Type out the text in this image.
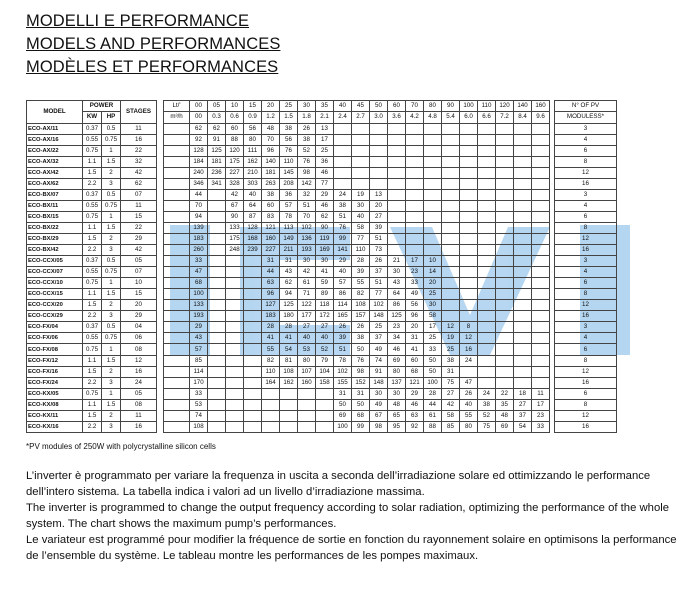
MODELLI E PERFORMANCE
MODELS AND PERFORMANCES
MODÈLES ET PERFORMANCES
MODEL	POWER		STAGES		Lt/'	00	05	10	15	20	25	30	35	40	45	50	60	70	80	90	100	110	120	140	160		N° OF PV
	KW	HP			m³/h	00	0.3	0.6	0.9	1.2	1.5	1.8	2.1	2.4	2.7	3.0	3.6	4.2	4.8	5.4	6.0	6.6	7.2	8.4	9.6		MODULESS*
ECO-AX/11	0.37	0.5	11			62	62	60	56	48	38	26	13														3
ECO-AX/16	0.55	0.75	16			92	91	88	80	70	56	38	17														4
ECO-AX/22	0.75	1	22			128	125	120	111	96	76	52	25														6
ECO-AX/32	1.1	1.5	32			184	181	175	162	140	110	76	36														8
ECO-AX/42	1.5	2	42			240	236	227	210	181	145	98	46														12
ECO-AX/62	2.2	3	62			346	341	328	303	263	208	142	77														16
ECO-BX/07	0.37	0.5	07			44		42	40	38	36	32	29	24	19	13											3
ECO-BX/11	0.55	0.75	11			70		67	64	60	57	51	46	38	30	20											4
ECO-BX/15	0.75	1	15			94		90	87	83	78	70	62	51	40	27											6
ECO-BX/22	1.1	1.5	22			139		133	128	121	113	102	90	76	58	39											8
ECO-BX/29	1.5	2	29			183		175	168	160	149	136	119	99	77	51											12
ECO-BX/42	2.2	3	42			260		248	239	227	211	193	169	141	110	73											16
ECO-CCX/05	0.37	0.5	05			33				31	31	30	30	29	28	26	21	17	10								3
ECO-CCX/07	0.55	0.75	07			47				44	43	42	41	40	39	37	30	23	14								4
ECO-CCX/10	0.75	1	10			68				63	62	61	59	57	55	51	43	33	20								6
ECO-CCX/15	1.1	1.5	15			100				96	94	71	89	86	82	77	64	49	25								8
ECO-CCX/20	1.5	2	20			133				127	125	122	118	114	108	102	86	56	30								12
ECO-CCX/29	2.2	3	29			193				183	180	177	172	165	157	148	125	96	58								16
ECO-FX/04	0.37	0.5	04			29				28	28	27	27	26	26	25	23	20	17	12	8						3
ECO-FX/06	0.55	0.75	06			43				41	41	40	40	39	38	37	34	31	25	19	12						4
ECO-FX/08	0.75	1	08			57				55	54	53	52	51	50	49	46	41	33	25	16						6
ECO-FX/12	1.1	1.5	12			85				82	81	80	79	78	76	74	69	60	50	38	24						8
ECO-FX/16	1.5	2	16			114				110	108	107	104	102	98	91	80	68	50	31							12
ECO-FX/24	2.2	3	24			170				164	162	160	158	155	152	148	137	121	100	75	47						16
ECO-KX/05	0.75	1	05			33								31	31	30	30	29	28	27	26	24	22	18	11		6
ECO-KX/08	1.1	1.5	08			53								50	50	49	48	46	44	42	40	38	35	27	17		8
ECO-KX/11	1.5	2	11			74								69	68	67	65	63	61	58	55	52	48	37	23		12
ECO-KX/16	2.2	3	16			108								100	99	98	95	92	88	85	80	75	69	54	33		16
*PV modules of 250W with polycrystalline silicon cells

L’inverter è programmato per variare la frequenza in uscita a seconda dell’irradiazione solare ed ottimizzando le performance dell’intero sistema. La tabella indica i valori ad un livello d’irradiazione massima.

The inverter is programmed to change the output frequency according to solar radiation, optimizing the performance of the whole system. The chart shows the maximum pump’s performances.

Le variateur est programmé pour modifier la fréquence de sortie en fonction du rayonnement solaire en optimisons la performance de l’ensemble du système. Le tableau montre les performances de les pompes maximaux.
